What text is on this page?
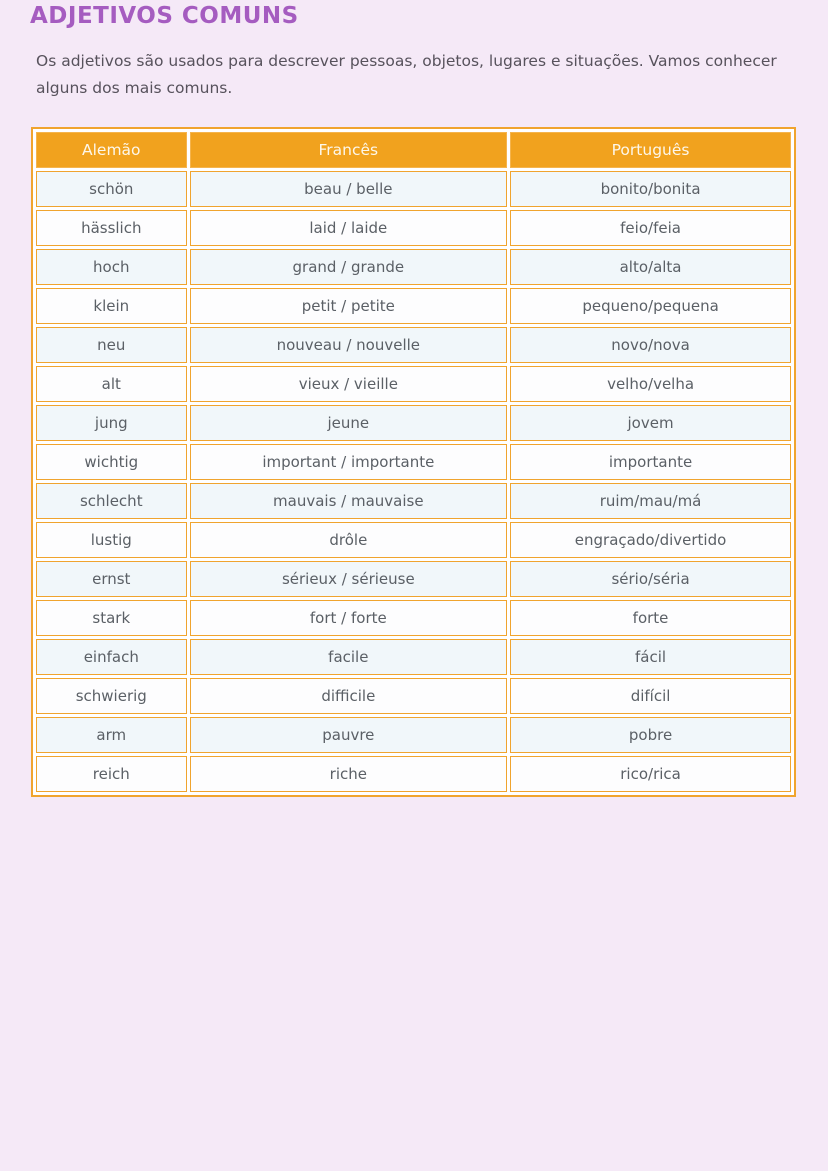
ADJETIVOS COMUNS

Os adjetivos são usados para descrever pessoas, objetos, lugares e situações. Vamos conhecer alguns dos mais comuns.

Alemão	Francês	Português
schön	beau / belle	bonito/bonita
hässlich	laid / laide	feio/feia
hoch	grand / grande	alto/alta
klein	petit / petite	pequeno/pequena
neu	nouveau / nouvelle	novo/nova
alt	vieux / vieille	velho/velha
jung	jeune	jovem
wichtig	important / importante	importante
schlecht	mauvais / mauvaise	ruim/mau/má
lustig	drôle	engraçado/divertido
ernst	sérieux / sérieuse	sério/séria
stark	fort / forte	forte
einfach	facile	fácil
schwierig	difficile	difícil
arm	pauvre	pobre
reich	riche	rico/rica
